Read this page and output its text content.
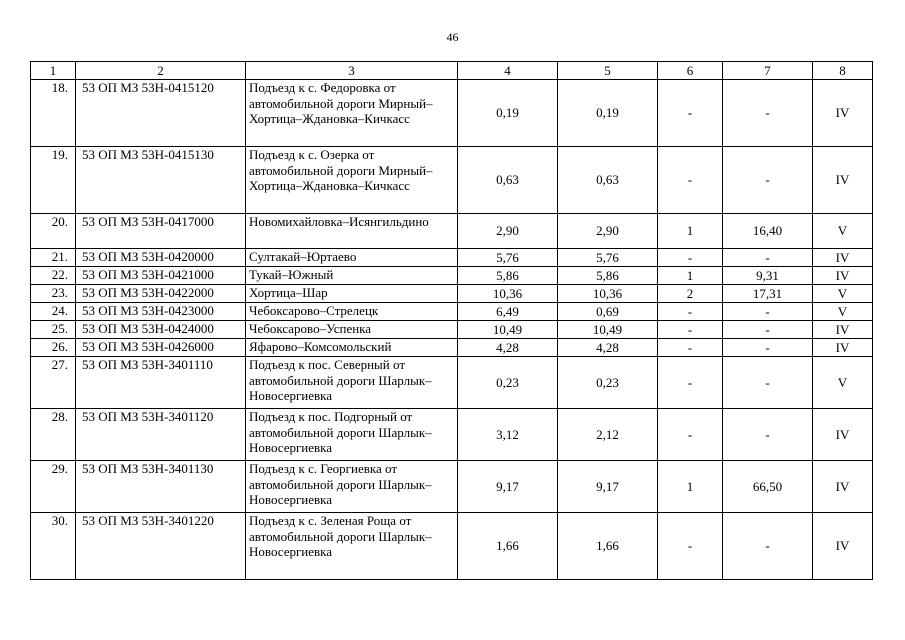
46
1	2	3	4	5	6	7	8
18.	53 ОП МЗ 53Н-0415120	Подъезд к с. Федоровка от автомобильной дороги Мирный–Хортица–Ждановка–Кичкасс	0,19	0,19	-	-	IV
19.	53 ОП МЗ 53Н-0415130	Подъезд к с. Озерка от автомобильной дороги Мирный–Хортица–Ждановка–Кичкасс	0,63	0,63	-	-	IV
20.	53 ОП МЗ 53Н-0417000	Новомихайловка–Исянгильдино	2,90	2,90	1	16,40	V
21.	53 ОП МЗ 53Н-0420000	Султакай–Юртаево	5,76	5,76	-	-	IV
22.	53 ОП МЗ 53Н-0421000	Тукай–Южный	5,86	5,86	1	9,31	IV
23.	53 ОП МЗ 53Н-0422000	Хортица–Шар	10,36	10,36	2	17,31	V
24.	53 ОП МЗ 53Н-0423000	Чебоксарово–Стрелецк	6,49	0,69	-	-	V
25.	53 ОП МЗ 53Н-0424000	Чебоксарово–Успенка	10,49	10,49	-	-	IV
26.	53 ОП МЗ 53Н-0426000	Яфарово–Комсомольский	4,28	4,28	-	-	IV
27.	53 ОП МЗ 53Н-3401110	Подъезд к пос. Северный от автомобильной дороги Шарлык–Новосергиевка	0,23	0,23	-	-	V
28.	53 ОП МЗ 53Н-3401120	Подъезд к пос. Подгорный от автомобильной дороги Шарлык–Новосергиевка	3,12	2,12	-	-	IV
29.	53 ОП МЗ 53Н-3401130	Подъезд к с. Георгиевка от автомобильной дороги Шарлык–Новосергиевка	9,17	9,17	1	66,50	IV
30.	53 ОП МЗ 53Н-3401220	Подъезд к с. Зеленая Роща от автомобильной дороги Шарлык–Новосергиевка	1,66	1,66	-	-	IV
